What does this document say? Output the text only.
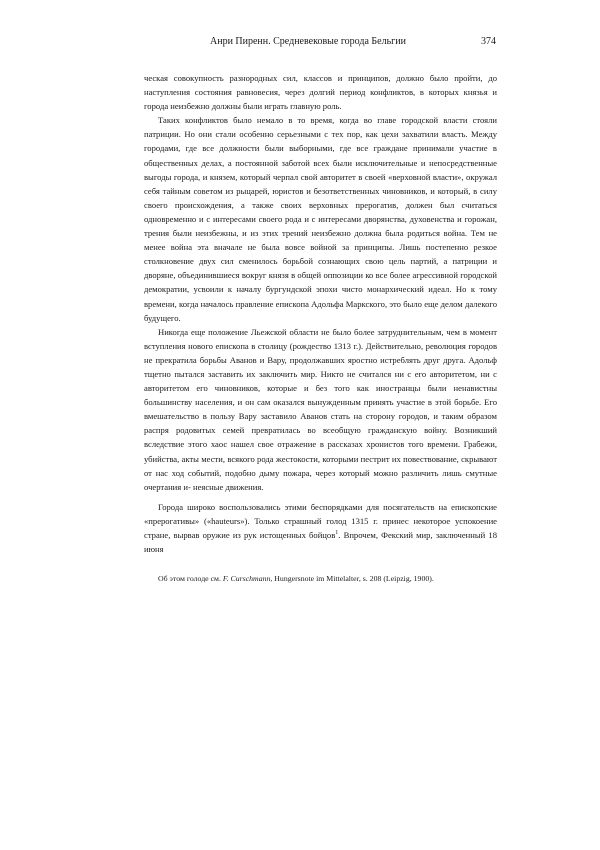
Анри Пиренн. Средневековые города Бельгии	374

ческая совокупность разнородных сил, классов и принципов, должно было пройти, до наступления состояния равновесия, через долгий период конфликтов, в которых князья и города неизбежно должны были играть главную роль.

Таких конфликтов было немало в то время, когда во главе городской власти стояли патриции. Но они стали особенно серьезными с тех пор, как цехи захватили власть. Между городами, где все должности были выборными, где все граждане принимали участие в общественных делах, а постоянной заботой всех были исключительные и непосредственные выгоды города, и князем, который черпал свой авторитет в своей «верховной власти», окружал себя тайным советом из рыцарей, юристов и безответственных чиновников, и который, в силу своего происхождения, а также своих верховных прерогатив, должен был считаться одновременно и с интересами своего рода и с интересами дворянства, духовенства и горожан, трения были неизбежны, и из этих трений неизбежно должна была родиться война. Тем не менее война эта вначале не была вовсе войной за принципы. Лишь постепенно резкое столкновение двух сил сменилось борьбой сознающих свою цель партий, а патриции и дворяне, объединившиеся вокруг князя в общей оппозиции ко все более агрессивной городской демократии, усвоили к началу бургундской эпохи чисто монархический идеал. Но к тому времени, когда началось правление епископа Адольфа Маркского, это было еще делом далекого будущего.

Никогда еще положение Льежской области не было более затруднительным, чем в момент вступления нового епископа в столицу (рождество 1313 г.). Действительно, революция городов не прекратила борьбы Аванов и Вару, продолжавших яростно истреблять друг друга. Адольф тщетно пытался заставить их заключить мир. Никто не считался ни с его авторитетом, ни с авторитетом его чиновников, которые и без того как иностранцы были ненавистны большинству населения, и он сам оказался вынужденным принять участие в этой борьбе. Его вмешательство в пользу Вару заставило Аванов стать на сторону городов, и таким образом распря родовитых семей превратилась во всеобщую гражданскую войну. Возникший вследствие этого хаос нашел свое отражение в рассказах хронистов того времени. Грабежи, убийства, акты мести, всякого рода жестокости, которыми пестрит их повествование, скрывают от нас ход событий, подобно дыму пожара, через который можно различить лишь смутные очертания и- неясные движения.

Города широко воспользовались этими беспорядками для посягательств на епископские «прерогативы» («hauteurs»). Только страшный голод 1315 г. принес некоторое успокоение стране, вырвав оружие из рук истощенных бойцов$^1$. Впрочем, Фекский мир, заключенный 18 июня

Об этом голоде см. F. Curschmann, Hungersnote im Mittelalter, s. 208 (Leipzig, 1900).
